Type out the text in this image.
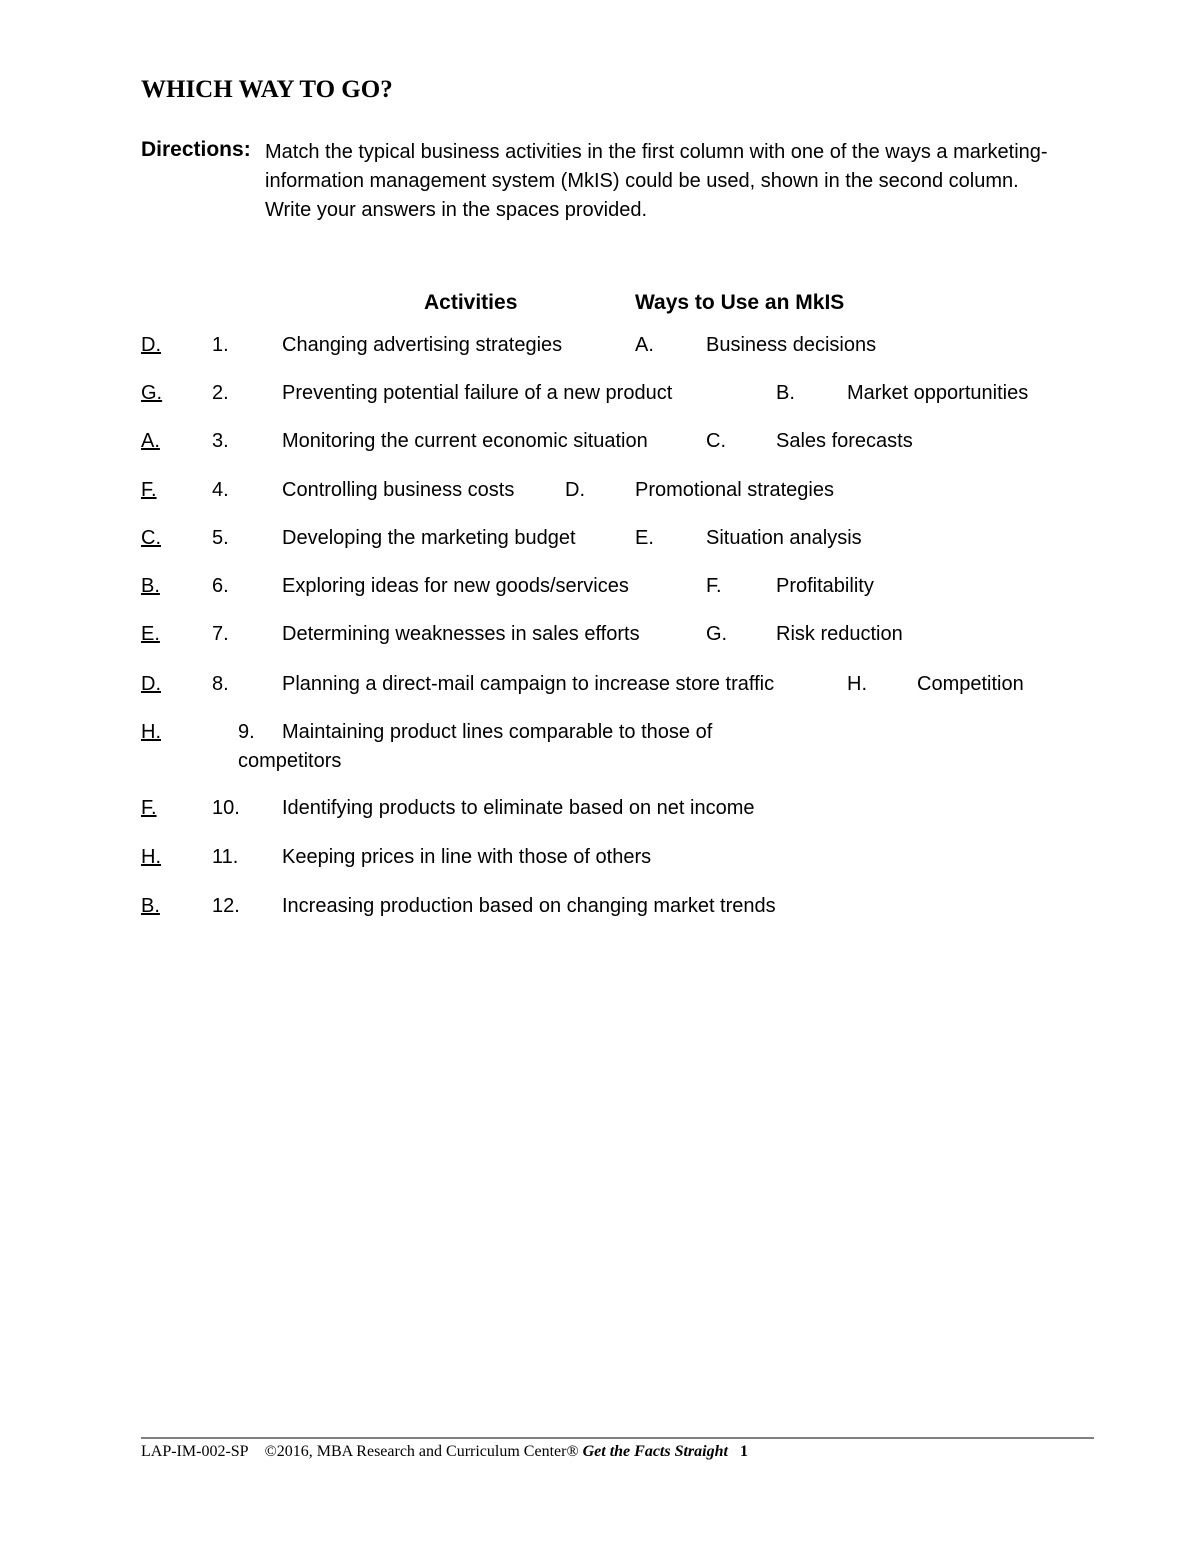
WHICH WAY TO GO?
Directions: Match the typical business activities in the first column with one of the ways a marketing-information management system (MkIS) could be used, shown in the second column. Write your answers in the spaces provided.
Activities	Ways to Use an MkIS
D.	1.	Changing advertising strategies	A.	Business decisions
G. 2.	Preventing potential failure of a new product	B.	Market opportunities
A.	3.	Monitoring the current economic situation	C.	Sales forecasts
F.	4.	Controlling business costs	D.	Promotional strategies
C.	5.	Developing the marketing budget	E.	Situation analysis
B.	6.	Exploring ideas for new goods/services	F.	Profitability
E.	7.	Determining weaknesses in sales efforts	G. Risk reduction
D.	8.	Planning a direct-mail campaign to increase store traffic	H.	Competition
H.	9. Maintaining product lines comparable to those of
competitors
F.	10. Identifying products to eliminate based on net income
H.	11. Keeping prices in line with those of others
B.	12. Increasing production based on changing market trends
LAP-IM-002-SP ©2016, MBA Research and Curriculum Center® Get the Facts Straight 1
